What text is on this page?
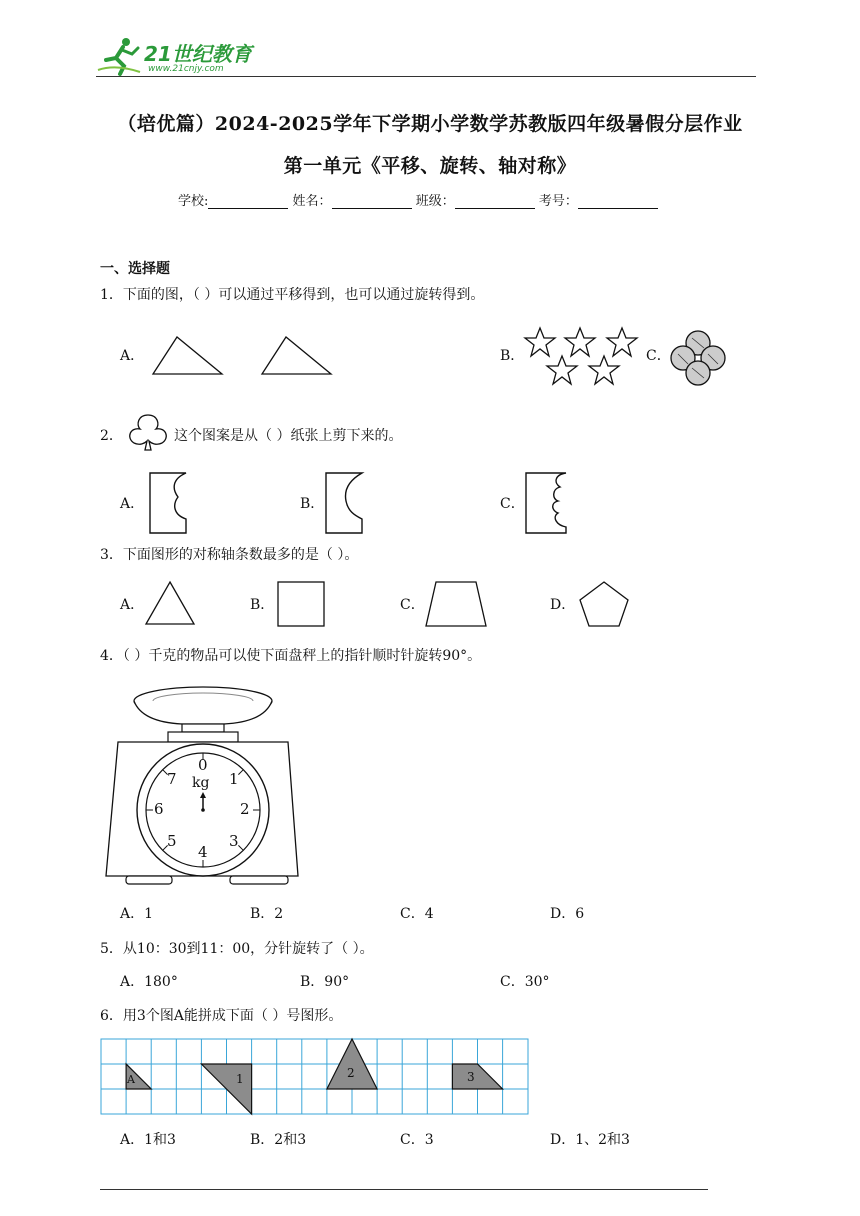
21世纪教育
www.21cnjy.com
（培优篇）2024-2025学年下学期小学数学苏教版四年级暑假分层作业
第一单元《平移、旋转、轴对称》
学校:	姓名：	班级：	考号：
一、选择题
1．下面的图，（ ）可以通过平移得到，也可以通过旋转得到。
A．	B．	C．
2．	这个图案是从（ ）纸张上剪下来的。
A．	B．	C．
3．下面图形的对称轴条数最多的是（ ）。
A．	B．	C．	D．
4．（ ）千克的物品可以使下面盘秤上的指针顺时针旋转90°。
0
1
2
3
4
5
6
7 kg
A．1	B．2	C．4	D．6
5．从10：30到11：00，分针旋转了（ ）。
A．180°	B．90°	C．30°
6．用3个图A能拼成下面（ ）号图形。
A	1	2	3
A．1和3	B．2和3	C．3	D．1、2和3
